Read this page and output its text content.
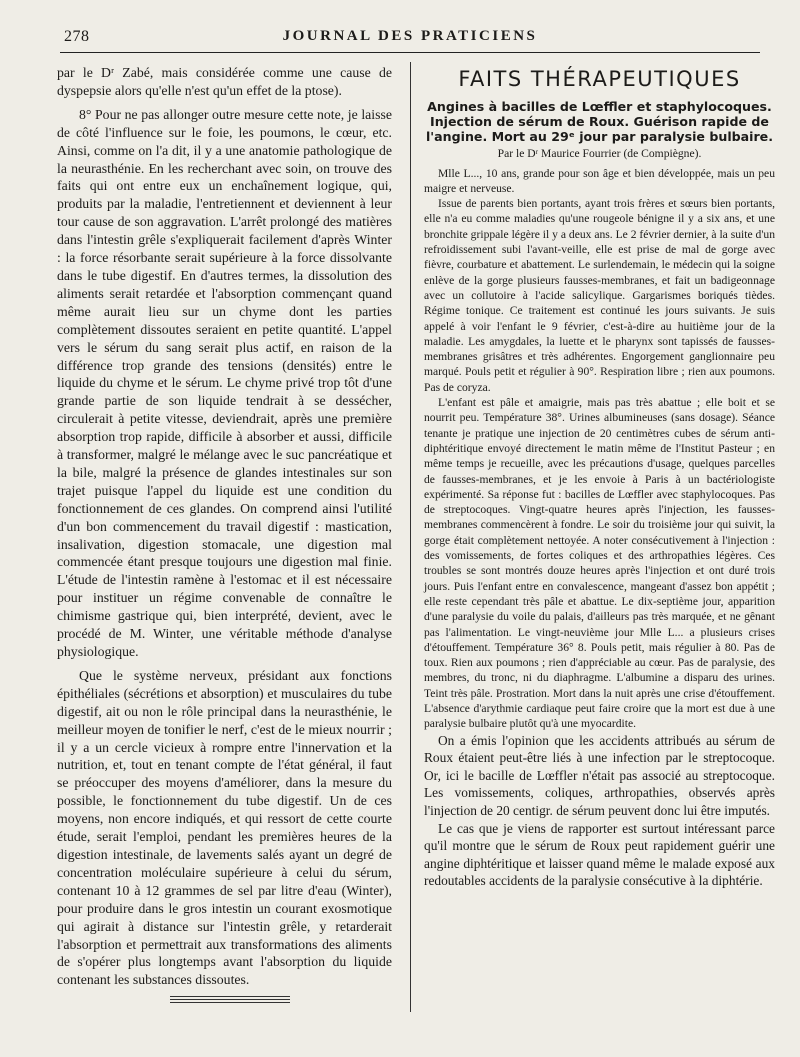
278	JOURNAL DES PRATICIENS

par le Dʳ Zabé, mais considérée comme une cause de dyspepsie alors qu'elle n'est qu'un effet de la ptose).

8° Pour ne pas allonger outre mesure cette note, je laisse de côté l'influence sur le foie, les poumons, le cœur, etc. Ainsi, comme on l'a dit, il y a une anatomie pathologique de la neurasthénie. En les recherchant avec soin, on trouve des faits qui ont entre eux un enchaînement logique, qui, produits par la maladie, l'entretiennent et deviennent à leur tour cause de son aggravation. L'arrêt prolongé des matières dans l'intestin grêle s'expliquerait facilement d'après Winter : la force résorbante serait supérieure à la force dissolvante dans le tube digestif. En d'autres termes, la dissolution des aliments serait retardée et l'absorption commençant quand même aurait lieu sur un chyme dont les parties complètement dissoutes seraient en petite quantité. L'appel vers le sérum du sang serait plus actif, en raison de la différence trop grande des tensions (densités) entre le liquide du chyme et le sérum. Le chyme privé trop tôt d'une grande partie de son liquide tendrait à se dessécher, circulerait à petite vitesse, deviendrait, après une première absorption trop rapide, difficile à absorber et aussi, difficile à transformer, malgré le mélange avec le suc pancréatique et la bile, malgré la présence de glandes intestinales sur son trajet puisque l'appel du liquide est une condition du fonctionnement de ces glandes. On comprend ainsi l'utilité d'un bon commencement du travail digestif : mastication, insalivation, digestion stomacale, une digestion mal commencée étant presque toujours une digestion mal finie. L'étude de l'intestin ramène à l'estomac et il est nécessaire pour instituer un régime convenable de connaître le chimisme gastrique qui, bien interprété, devient, avec le procédé de M. Winter, une véritable méthode d'analyse physiologique.

Que le système nerveux, présidant aux fonctions épithéliales (sécrétions et absorption) et musculaires du tube digestif, ait ou non le rôle principal dans la neurasthénie, le meilleur moyen de tonifier le nerf, c'est de le mieux nourrir ; il y a un cercle vicieux à rompre entre l'innervation et la nutrition, et, tout en tenant compte de l'état général, il faut se préoccuper des moyens d'améliorer, dans la mesure du possible, le fonctionnement du tube digestif. Un de ces moyens, non encore indiqués, et qui ressort de cette courte étude, serait l'emploi, pendant les premières heures de la digestion intestinale, de lavements salés ayant un degré de concentration moléculaire supérieure à celui du sérum, contenant 10 à 12 grammes de sel par litre d'eau (Winter), pour produire dans le gros intestin un courant exosmotique qui agirait à distance sur l'intestin grêle, y retarderait l'absorption et permettrait aux transformations des aliments de s'opérer plus longtemps avant l'absorption du liquide contenant les substances dissoutes.

FAITS THÉRAPEUTIQUES
Angines à bacilles de Lœffler et staphylocoques. Injection de sérum de Roux. Guérison rapide de l'angine. Mort au 29ᵉ jour par paralysie bulbaire.
Par le Dʳ Maurice Fourrier (de Compiègne).

Mlle L..., 10 ans, grande pour son âge et bien développée, mais un peu maigre et nerveuse.

Issue de parents bien portants, ayant trois frères et sœurs bien portants, elle n'a eu comme maladies qu'une rougeole bénigne il y a six ans, et une bronchite grippale légère il y a deux ans. Le 2 février dernier, à la suite d'un refroidissement subi l'avant-veille, elle est prise de mal de gorge avec fièvre, courbature et abattement. Le surlendemain, le médecin qui la soigne enlève de la gorge plusieurs fausses-membranes, et fait un badigeonnage avec un collutoire à l'acide salicylique. Gargarismes boriqués tièdes. Régime tonique. Ce traitement est continué les jours suivants. Je suis appelé à voir l'enfant le 9 février, c'est-à-dire au huitième jour de la maladie. Les amygdales, la luette et le pharynx sont tapissés de fausses-membranes grisâtres et très adhérentes. Engorgement ganglionnaire peu marqué. Pouls petit et régulier à 90°. Respiration libre ; rien aux poumons. Pas de coryza.

L'enfant est pâle et amaigrie, mais pas très abattue ; elle boit et se nourrit peu. Température 38°. Urines albumineuses (sans dosage). Séance tenante je pratique une injection de 20 centimètres cubes de sérum anti-diphtéritique envoyé directement le matin même de l'Institut Pasteur ; en même temps je recueille, avec les précautions d'usage, quelques parcelles de fausses-membranes, et je les envoie à Paris à un bactériologiste expérimenté. Sa réponse fut : bacilles de Lœffler avec staphylocoques. Pas de streptocoques. Vingt-quatre heures après l'injection, les fausses-membranes commencèrent à fondre. Le soir du troisième jour qui suivit, la gorge était complètement nettoyée. A noter consécutivement à l'injection : des vomissements, de fortes coliques et des arthropathies légères. Ces troubles se sont montrés douze heures après l'injection et ont duré trois jours. Puis l'enfant entre en convalescence, mangeant d'assez bon appétit ; elle reste cependant très pâle et abattue. Le dix-septième jour, apparition d'une paralysie du voile du palais, d'ailleurs pas très marquée, et ne gênant pas l'alimentation. Le vingt-neuvième jour Mlle L... a plusieurs crises d'étouffement. Température 36° 8. Pouls petit, mais régulier à 80. Pas de toux. Rien aux poumons ; rien d'appréciable au cœur. Pas de paralysie, des membres, du tronc, ni du diaphragme. L'albumine a disparu des urines. Teint très pâle. Prostration. Mort dans la nuit après une crise d'étouffement. L'absence d'arythmie cardiaque peut faire croire que la mort est due à une paralysie bulbaire plutôt qu'à une myocardite.

On a émis l'opinion que les accidents attribués au sérum de Roux étaient peut-être liés à une infection par le streptocoque. Or, ici le bacille de Lœffler n'était pas associé au streptocoque. Les vomissements, coliques, arthropathies, observés après l'injection de 20 centigr. de sérum peuvent donc lui être imputés.

Le cas que je viens de rapporter est surtout intéressant parce qu'il montre que le sérum de Roux peut rapidement guérir une angine diphtéritique et laisser quand même le malade exposé aux redoutables accidents de la paralysie consécutive à la diphtérie.
